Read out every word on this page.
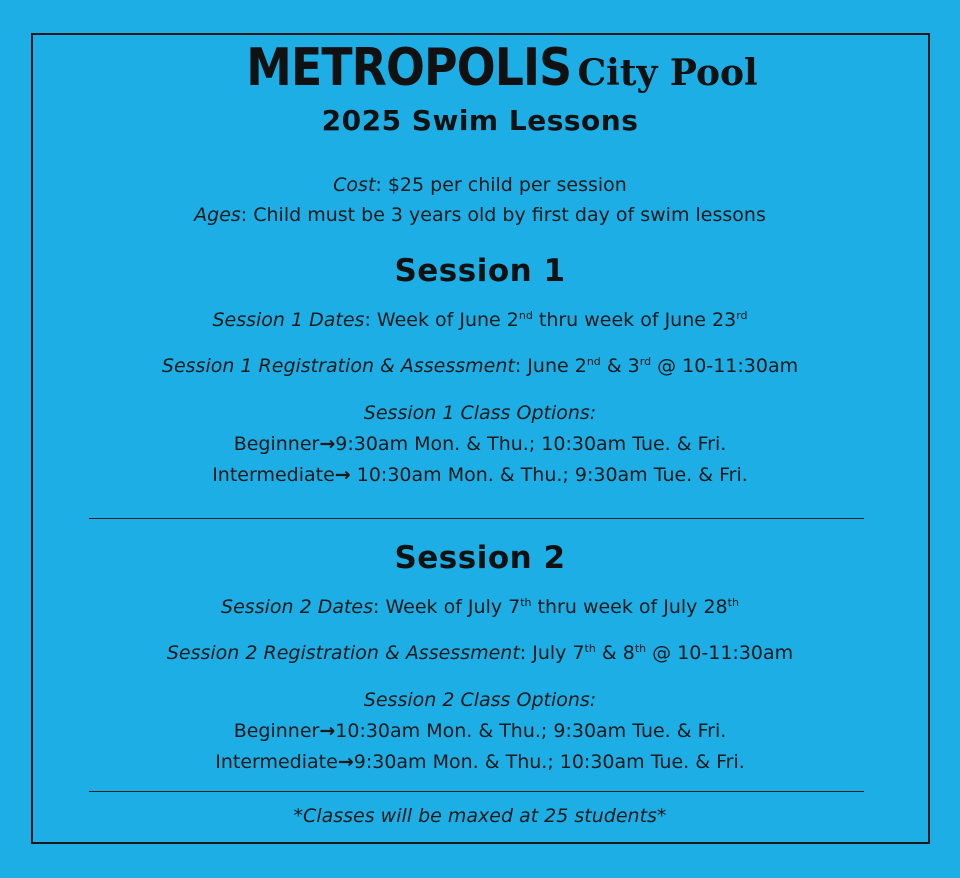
METROPOLIS City Pool
2025 Swim Lessons
Cost: $25 per child per session
Ages: Child must be 3 years old by first day of swim lessons
Session 1
Session 1 Dates: Week of June 2nd thru week of June 23rd
Session 1 Registration & Assessment: June 2nd & 3rd @ 10-11:30am
Session 1 Class Options:
Beginner→9:30am Mon. & Thu.; 10:30am Tue. & Fri.
Intermediate→ 10:30am Mon. & Thu.; 9:30am Tue. & Fri.
Session 2
Session 2 Dates: Week of July 7th thru week of July 28th
Session 2 Registration & Assessment: July 7th & 8th @ 10-11:30am
Session 2 Class Options:
Beginner→10:30am Mon. & Thu.; 9:30am Tue. & Fri.
Intermediate→9:30am Mon. & Thu.; 10:30am Tue. & Fri.
*Classes will be maxed at 25 students*
